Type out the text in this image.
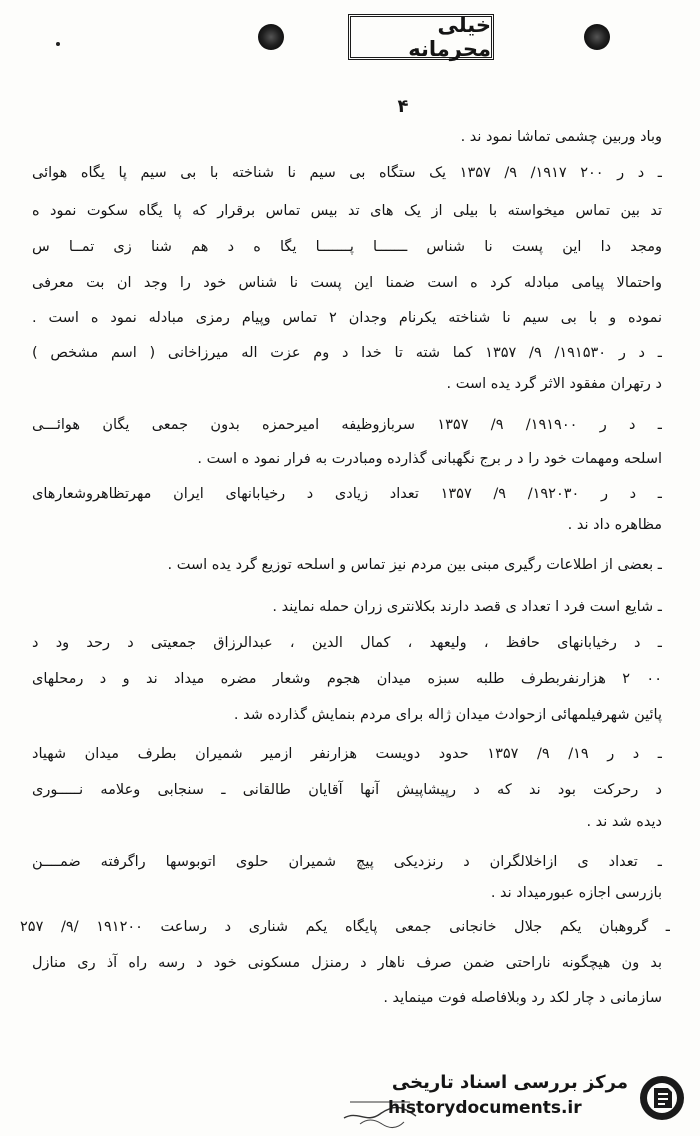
خیلی محرمانه
۴
وباد وربین چشمی تماشا نمود ند .
ـ د ر ۲۰۰ ۱۹۱۷/ ۹/ ۱۳۵۷ یک ستگاه بی سیم نا شناخته با بی سیم پا یگاه هوائی
تد بین تماس میخواسته با بیلی از یک های تد بیس تماس برقرار که پا یگاه سکوت نمود ه
ومجد دا این پست نا شناس ـــــــا پـــــــا یگا ه د هم شنا زی تمــا س
واحتمالا پیامی مبادله کرد ه است ضمنا این پست نا شناس خود را وجد ان بت معرفی
نموده و با بی سیم نا شناخته یکرنام وجدان ۲ تماس وپیام رمزی مبادله نمود ه است .
ـ د ر ۱۹۱۵۳۰/ ۹/ ۱۳۵۷ کما شته تا خدا د وم عزت اله میرزاخانی ( اسم مشخص )
د رتهران مفقود الاثر گرد یده است .
ـ د ر ۱۹۱۹۰۰/ ۹/ ۱۳۵۷ سربازوظیفه امیرحمزه بدون جمعی یگان هوائـــی
اسلحه ومهمات خود را د ر برج نگهبانی گذارده ومبادرت به فرار نمود ه است .
ـ د ر ۱۹۲۰۳۰/ ۹/ ۱۳۵۷ تعداد زیادی د رخیابانهای ایران مهرتظاهروشعارهای
مظاهره داد ند .
ـ بعضی از اطلاعات رگیری مبنی بین مردم نیز تماس و اسلحه توزیع گرد یده است .
ـ شایع است فرد ا تعداد ی قصد دارند بکلانتری زران حمله نمایند .
ـ د رخیابانهای حافظ ، ولیعهد ، کمال الدین ، عبدالرزاق جمعیتی د رحد ود د
۰۰ ۲ هزارنفربطرف طلبه سبزه میدان هجوم وشعار مضره میداد ند و د رمحلهای
پائین شهرفیلمهائی ازحوادث میدان ژاله برای مردم بنمایش گذارده شد .
ـ د ر ۱۹/ ۹/ ۱۳۵۷ حدود دویست هزارنفر ازمیر شمیران بطرف میدان شهیاد
د رحرکت بود ند که د رپیشاپیش آنها آقایان طالقانی ـ سنجابی وعلامه نـــــوری
دیده شد ند .
ـ تعداد ی ازاخلالگران د رنزدیکی پیچ شمیران حلوی اتوبوسها راگرفته ضمــــن
بازرسی اجازه عبورمیداد ند .
ـ گروهبان یکم جلال خانجانی جمعی پایگاه یکم شناری د رساعت ۱۹۱۲۰۰ /۹/ ۲۵۷
بد ون هیچگونه ناراحتی ضمن صرف ناهار د رمنزل مسکونی خود د رسه راه آذ ری منازل
سازمانی د چار لکد رد وبلافاصله فوت مینماید .
مرکز بررسی اسناد تاریخی
historydocuments.ir
